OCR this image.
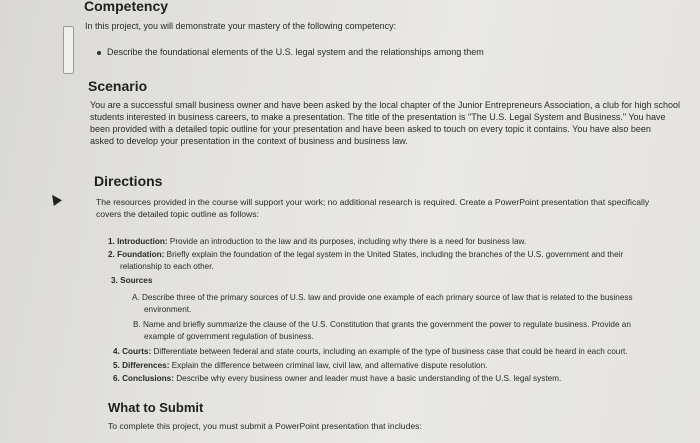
Competency

In this project, you will demonstrate your mastery of the following competency:

Describe the foundational elements of the U.S. legal system and the relationships among them

Scenario

You are a successful small business owner and have been asked by the local chapter of the Junior Entrepreneurs Association, a club for high school

students interested in business careers, to make a presentation. The title of the presentation is "The U.S. Legal System and Business." You have

been provided with a detailed topic outline for your presentation and have been asked to touch on every topic it contains. You have also been

asked to develop your presentation in the context of business and business law.

Directions

The resources provided in the course will support your work; no additional research is required. Create a PowerPoint presentation that specifically

covers the detailed topic outline as follows:

1. Introduction: Provide an introduction to the law and its purposes, including why there is a need for business law.
2. Foundation: Briefly explain the foundation of the legal system in the United States, including the branches of the U.S. government and their
relationship to each other.
3. Sources
A. Describe three of the primary sources of U.S. law and provide one example of each primary source of law that is related to the business
environment.
B. Name and briefly summarize the clause of the U.S. Constitution that grants the government the power to regulate business. Provide an
example of government regulation of business.
4. Courts: Differentiate between federal and state courts, including an example of the type of business case that could be heard in each court.
5. Differences: Explain the difference between criminal law, civil law, and alternative dispute resolution.
6. Conclusions: Describe why every business owner and leader must have a basic understanding of the U.S. legal system.
What to Submit

To complete this project, you must submit a PowerPoint presentation that includes:
